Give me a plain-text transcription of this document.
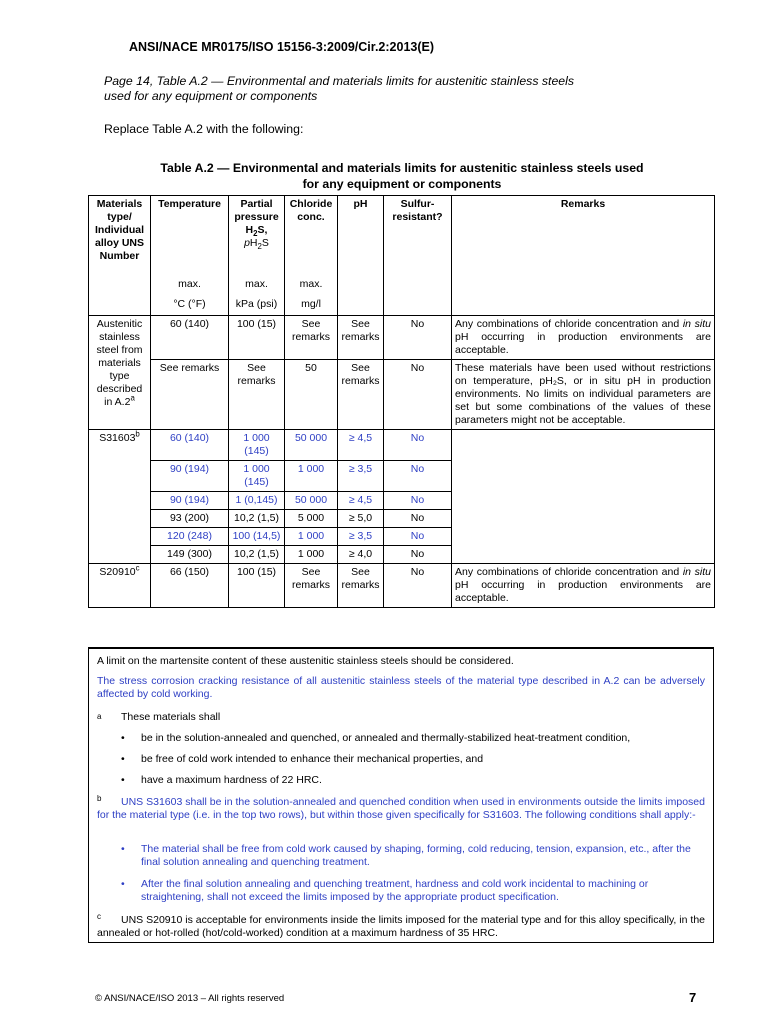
ANSI/NACE MR0175/ISO 15156-3:2009/Cir.2:2013(E)
Page 14, Table A.2 — Environmental and materials limits for austenitic stainless steels
used for any equipment or components
Replace Table A.2 with the following:
Table A.2 — Environmental and materials limits for austenitic stainless steels used
for any equipment or components
Materials type/ Individual alloy UNS Number	Temperature	Partial pressure
$H_2S$,
$pH_2S$	Chloride conc.	pH	Sulfur-resistant?	Remarks
	max.	max.	max.			
	°C (°F)	kPa (psi)	mg/l			
Austenitic stainless steel from materials type described in A.2$^a$	60 (140)	100 (15)	See remarks	See remarks	No	Any combinations of chloride concentration and in situ pH occurring in production environments are acceptable.
	See remarks	See remarks	50	See remarks	No	These materials have been used without restrictions on temperature, pH₂S, or in situ pH in production environments. No limits on individual parameters are set but some combinations of the values of these parameters might not be acceptable.
S31603$^b$	60 (140)	1 000 (145)	50 000	≥ 4,5	No	
	90 (194)	1 000 (145)	1 000	≥ 3,5	No	
	90 (194)	1 (0,145)	50 000	≥ 4,5	No	
	93 (200)	10,2 (1,5)	5 000	≥ 5,0	No	
	120 (248)	100 (14,5)	1 000	≥ 3,5	No	
	149 (300)	10,2 (1,5)	1 000	≥ 4,0	No	
S20910$^c$	66 (150)	100 (15)	See remarks	See remarks	No	Any combinations of chloride concentration and in situ pH occurring in production environments are acceptable.
A limit on the martensite content of these austenitic stainless steels should be considered.
The stress corrosion cracking resistance of all austenitic stainless steels of the material type described in A.2 can be adversely affected by cold working.
a	These materials shall
• be in the solution-annealed and quenched, or annealed and thermally-stabilized heat-treatment condition,
• be free of cold work intended to enhance their mechanical properties, and
• have a maximum hardness of 22 HRC.
b	UNS S31603 shall be in the solution-annealed and quenched condition when used in environments outside the limits imposed for the material type (i.e. in the top two rows), but within those given specifically for S31603. The following conditions shall apply:-
• The material shall be free from cold work caused by shaping, forming, cold reducing, tension, expansion, etc., after the final solution annealing and quenching treatment.
• After the final solution annealing and quenching treatment, hardness and cold work incidental to machining or straightening, shall not exceed the limits imposed by the appropriate product specification.
c	UNS S20910 is acceptable for environments inside the limits imposed for the material type and for this alloy specifically, in the annealed or hot-rolled (hot/cold-worked) condition at a maximum hardness of 35 HRC.
© ANSI/NACE/ISO 2013 – All rights reserved	7
